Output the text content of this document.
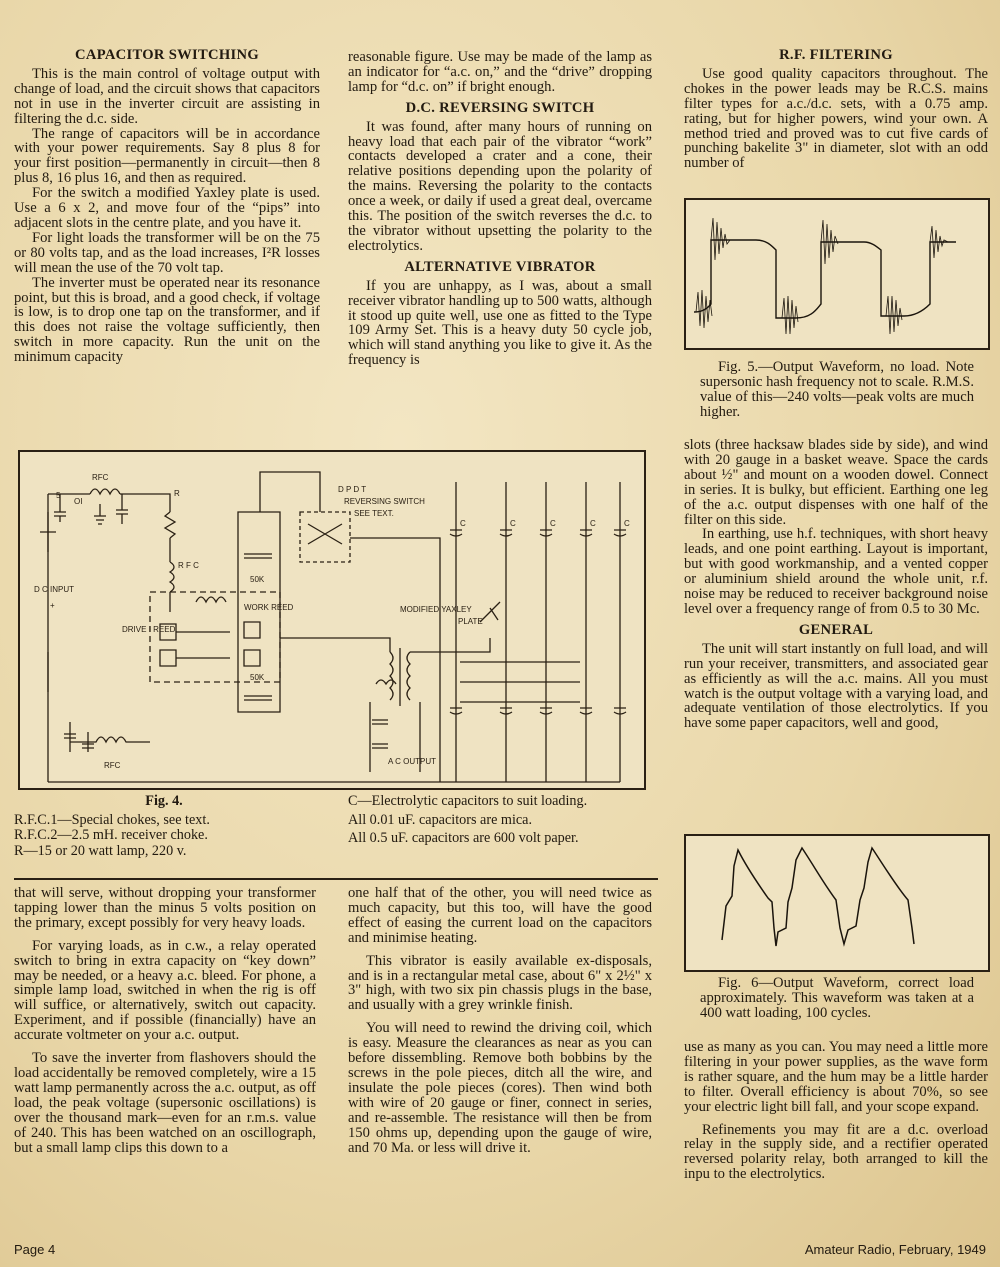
CAPACITOR SWITCHING

This is the main control of voltage output with change of load, and the circuit shows that capacitors not in use in the inverter circuit are assisting in filtering the d.c. side.

The range of capacitors will be in accordance with your power requirements. Say 8 plus 8 for your first position—permanently in circuit—then 8 plus 8, 16 plus 16, and then as required.

For the switch a modified Yaxley plate is used. Use a 6 x 2, and move four of the “pips” into adjacent slots in the centre plate, and you have it.

For light loads the transformer will be on the 75 or 80 volts tap, and as the load increases, I²R losses will mean the use of the 70 volt tap.

The inverter must be operated near its resonance point, but this is broad, and a good check, if voltage is low, is to drop one tap on the transformer, and if this does not raise the voltage sufficiently, then switch in more capacity. Run the unit on the minimum capacity

reasonable figure. Use may be made of the lamp as an indicator for “a.c. on,” and the “drive” dropping lamp for “d.c. on” if bright enough.

D.C. REVERSING SWITCH

It was found, after many hours of running on heavy load that each pair of the vibrator “work” contacts developed a crater and a cone, their relative positions depending upon the polarity of the mains. Reversing the polarity to the contacts once a week, or daily if used a great deal, overcame this. The position of the switch reverses the d.c. to the vibrator without upsetting the polarity to the electrolytics.

ALTERNATIVE VIBRATOR

If you are unhappy, as I was, about a small receiver vibrator handling up to 500 watts, although it stood up quite well, use one as fitted to the Type 109 Army Set. This is a heavy duty 50 cycle job, which will stand anything you like to give it. As the frequency is

R.F. FILTERING

Use good quality capacitors throughout. The chokes in the power leads may be R.C.S. mains filter types for a.c./d.c. sets, with a 0.75 amp. rating, but for higher powers, wind your own. A method tried and proved was to cut five cards of punching bakelite 3" in diameter, slot with an odd number of

Fig. 5.—Output Waveform, no load. Note supersonic hash frequency not to scale. R.M.S. value of this—240 volts—peak volts are much higher.

slots (three hacksaw blades side by side), and wind with 20 gauge in a basket weave. Space the cards about ½" and mount on a wooden dowel. Connect in series. It is bulky, but efficient. Earthing one leg of the a.c. output dispenses with one half of the filter on this side.

In earthing, use h.f. techniques, with short heavy leads, and one point earthing. Layout is important, but with good workmanship, and a vented copper or aluminium shield around the whole unit, r.f. noise may be reduced to receiver background noise level over a frequency range of from 0.5 to 30 Mc.

GENERAL

The unit will start instantly on full load, and will run your receiver, transmitters, and associated gear as efficiently as will the a.c. mains. All you must watch is the output voltage with a varying load, and adequate ventilation of those electrolytics. If you have some paper capacitors, well and good,

RFC
RFC
D C INPUT
+
DRIVE I REED
WORK REED
50K
50K
D P D T
REVERSING SWITCH
SEE TEXT.
MODIFIED YAXLEY
PLATE
A C OUTPUT
R
R F C
OI
5
C	C	C	C	C
Fig. 4.
R.F.C.1—Special chokes, see text.
R.F.C.2—2.5 mH. receiver choke.
R—15 or 20 watt lamp, 220 v.
C—Electrolytic capacitors to suit loading.
All 0.01 uF. capacitors are mica.
All 0.5 uF. capacitors are 600 volt paper.

Fig. 6—Output Waveform, correct load approximately. This waveform was taken at a 400 watt loading, 100 cycles.

that will serve, without dropping your transformer tapping lower than the minus 5 volts position on the primary, except possibly for very heavy loads.

For varying loads, as in c.w., a relay operated switch to bring in extra capacity on “key down” may be needed, or a heavy a.c. bleed. For phone, a simple lamp load, switched in when the rig is off will suffice, or alternatively, switch out capacity. Experiment, and if possible (financially) have an accurate voltmeter on your a.c. output.

To save the inverter from flashovers should the load accidentally be removed completely, wire a 15 watt lamp permanently across the a.c. output, as off load, the peak voltage (supersonic oscillations) is over the thousand mark—even for an r.m.s. value of 240. This has been watched on an oscillograph, but a small lamp clips this down to a

one half that of the other, you will need twice as much capacity, but this too, will have the good effect of easing the current load on the capacitors and minimise heating.

This vibrator is easily available ex-disposals, and is in a rectangular metal case, about 6" x 2½" x 3" high, with two six pin chassis plugs in the base, and usually with a grey wrinkle finish.

You will need to rewind the driving coil, which is easy. Measure the clearances as near as you can before dissembling. Remove both bobbins by the screws in the pole pieces, ditch all the wire, and insulate the pole pieces (cores). Then wind both with wire of 20 gauge or finer, connect in series, and re-assemble. The resistance will then be from 150 ohms up, depending upon the gauge of wire, and 70 Ma. or less will drive it.

use as many as you can. You may need a little more filtering in your power supplies, as the wave form is rather square, and the hum may be a little harder to filter. Overall efficiency is about 70%, so see your electric light bill fall, and your scope expand.

Refinements you may fit are a d.c. overload relay in the supply side, and a rectifier operated reversed polarity relay, both arranged to kill the inpu to the electrolytics.

Page 4	Amateur Radio, February, 1949
